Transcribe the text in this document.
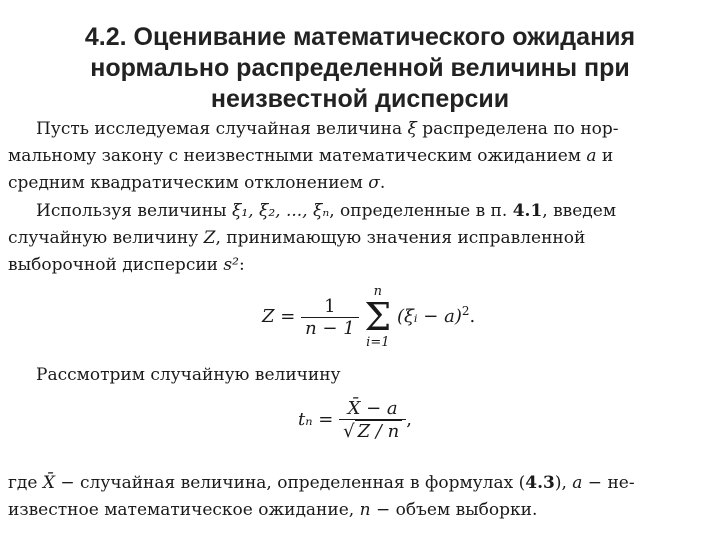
4.2. Оценивание математического ожидания
нормально распределенной величины при
неизвестной дисперсии
Пусть исследуемая случайная величина ξ распределена по нор-
мальному закону с неизвестными математическим ожиданием a и
средним квадратическим отклонением σ.
Используя величины ξ₁, ξ₂, ..., ξₙ, определенные в п. 4.1, введем
случайную величину Z, принимающую значения исправленной
выборочной дисперсии s²:
$Z = \frac{1}{n - 1}$
n
Σ
i=1 (ξᵢ − a)$^2$.
Рассмотрим случайную величину
$t_n = \frac{X̄ - a}{√ Z / n}$ ,
где X̄ − случайная величина, определенная в формулах (4.3), a − не-
известное математическое ожидание, n − объем выборки.
